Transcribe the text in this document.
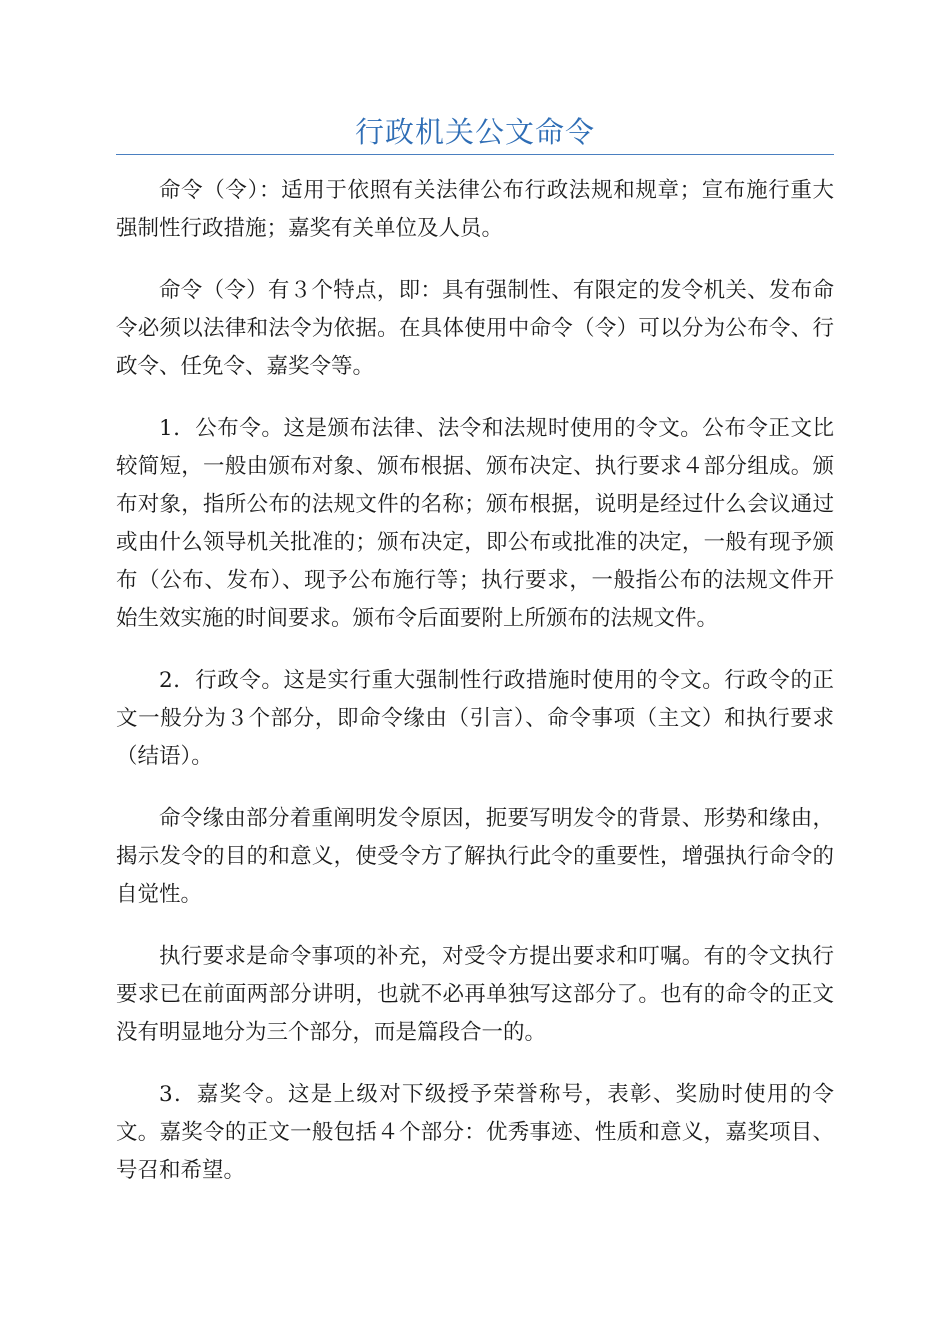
行政机关公文命令

命令（令）：适用于依照有关法律公布行政法规和规章；宣布施行重大强制性行政措施；嘉奖有关单位及人员。

命令（令）有３个特点，即：具有强制性、有限定的发令机关、发布命令必须以法律和法令为依据。在具体使用中命令（令）可以分为公布令、行政令、任免令、嘉奖令等。

1．公布令。这是颁布法律、法令和法规时使用的令文。公布令正文比较简短，一般由颁布对象、颁布根据、颁布决定、执行要求４部分组成。颁布对象，指所公布的法规文件的名称；颁布根据，说明是经过什么会议通过或由什么领导机关批准的；颁布决定，即公布或批准的决定，一般有现予颁布（公布、发布）、现予公布施行等；执行要求，一般指公布的法规文件开始生效实施的时间要求。颁布令后面要附上所颁布的法规文件。

2．行政令。这是实行重大强制性行政措施时使用的令文。行政令的正文一般分为３个部分，即命令缘由（引言）、命令事项（主文）和执行要求（结语）。

命令缘由部分着重阐明发令原因，扼要写明发令的背景、形势和缘由，揭示发令的目的和意义，使受令方了解执行此令的重要性，增强执行命令的自觉性。

执行要求是命令事项的补充，对受令方提出要求和叮嘱。有的令文执行要求已在前面两部分讲明，也就不必再单独写这部分了。也有的命令的正文没有明显地分为三个部分，而是篇段合一的。

3．嘉奖令。这是上级对下级授予荣誉称号，表彰、奖励时使用的令文。嘉奖令的正文一般包括４个部分：优秀事迹、性质和意义，嘉奖项目、号召和希望。
